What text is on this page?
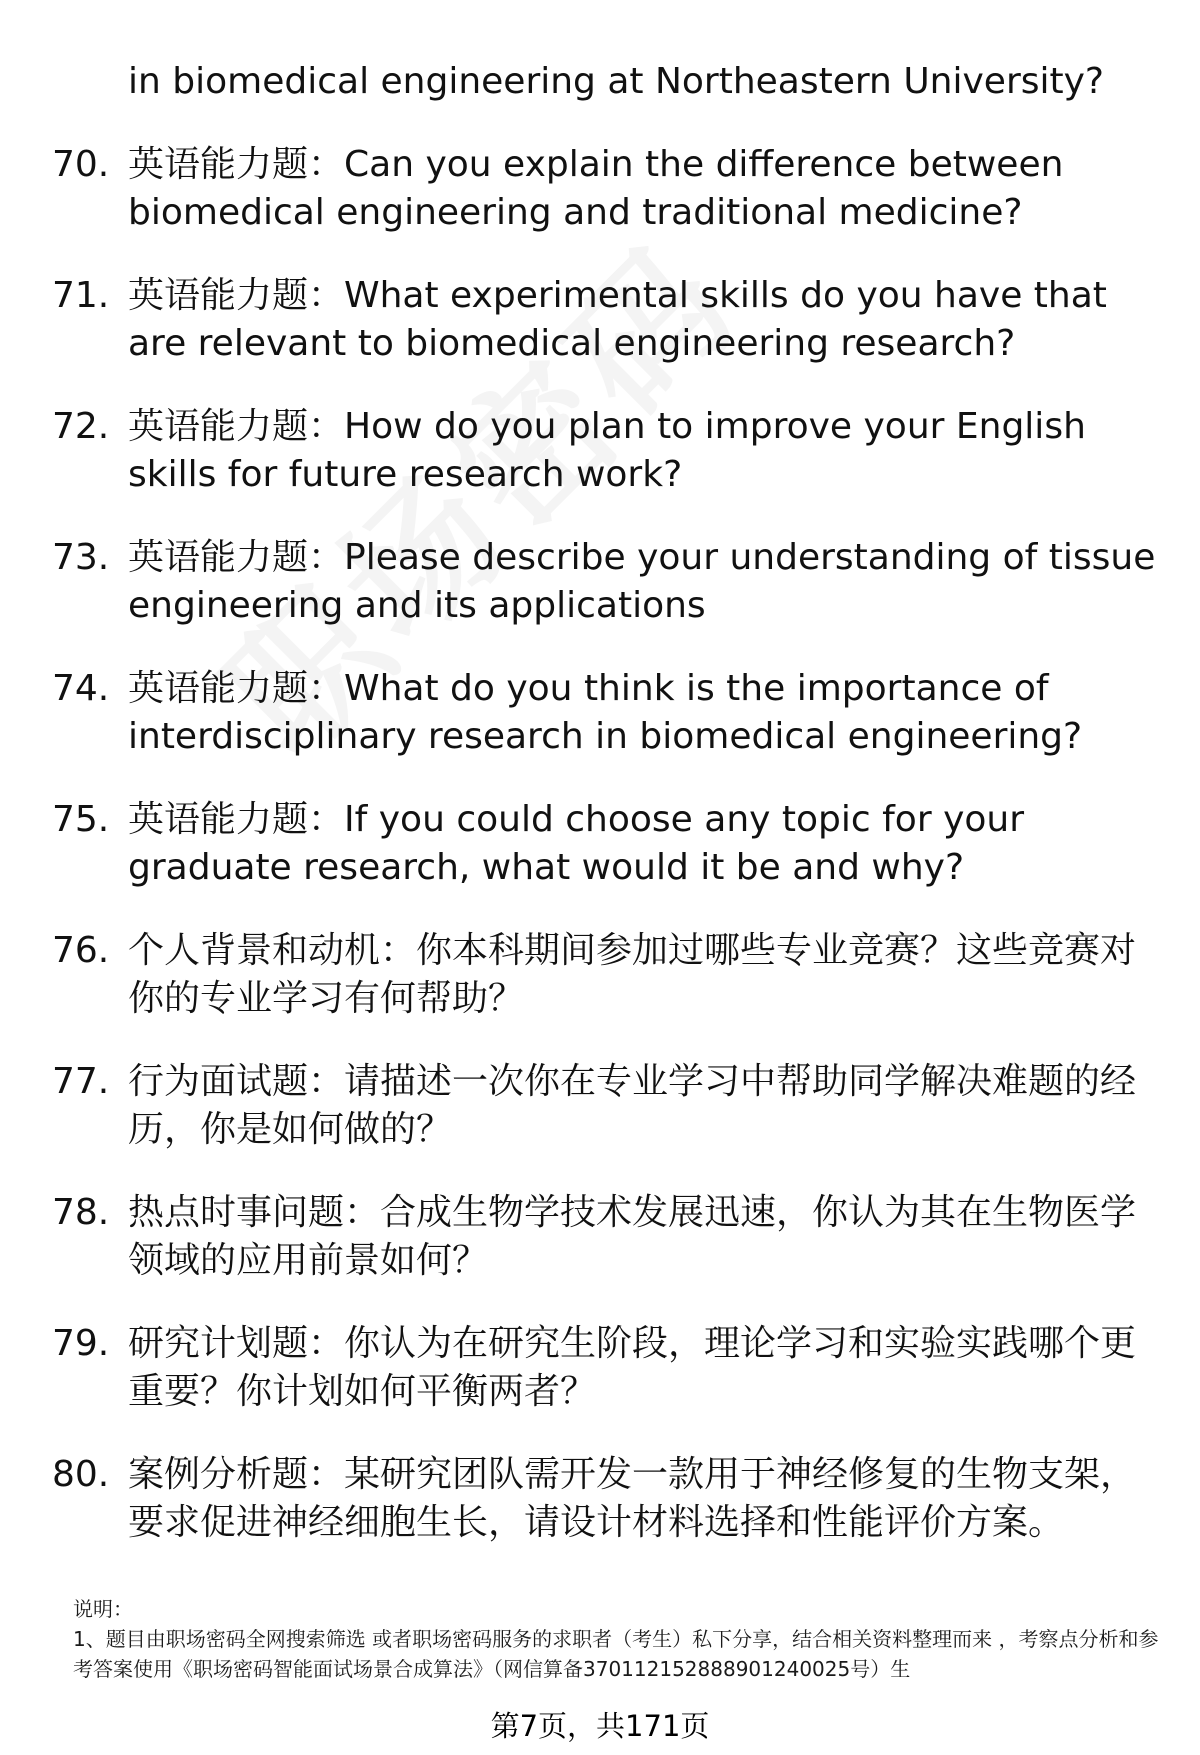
in biomedical engineering at Northeastern University?
70. 英语能力题：Can you explain the difference between biomedical engineering and traditional medicine?
71. 英语能力题：What experimental skills do you have that are relevant to biomedical engineering research?
72. 英语能力题：How do you plan to improve your English skills for future research work?
73. 英语能力题：Please describe your understanding of tissue engineering and its applications
74. 英语能力题：What do you think is the importance of interdisciplinary research in biomedical engineering?
75. 英语能力题：If you could choose any topic for your graduate research, what would it be and why?
76. 个人背景和动机：你本科期间参加过哪些专业竞赛？这些竞赛对你的专业学习有何帮助？
77. 行为面试题：请描述一次你在专业学习中帮助同学解决难题的经历，你是如何做的？
78. 热点时事问题：合成生物学技术发展迅速，你认为其在生物医学领域的应用前景如何？
79. 研究计划题：你认为在研究生阶段，理论学习和实验实践哪个更重要？你计划如何平衡两者？
80. 案例分析题：某研究团队需开发一款用于神经修复的生物支架，要求促进神经细胞生长，请设计材料选择和性能评价方案。

说明：

1、题目由职场密码全网搜索筛选 或者职场密码服务的求职者（考生）私下分享，结合相关资料整理而来 ，考察点分析和参考答案使用《职场密码智能面试场景合成算法》（网信算备370112152888901240025号）生

第7页，共171页
